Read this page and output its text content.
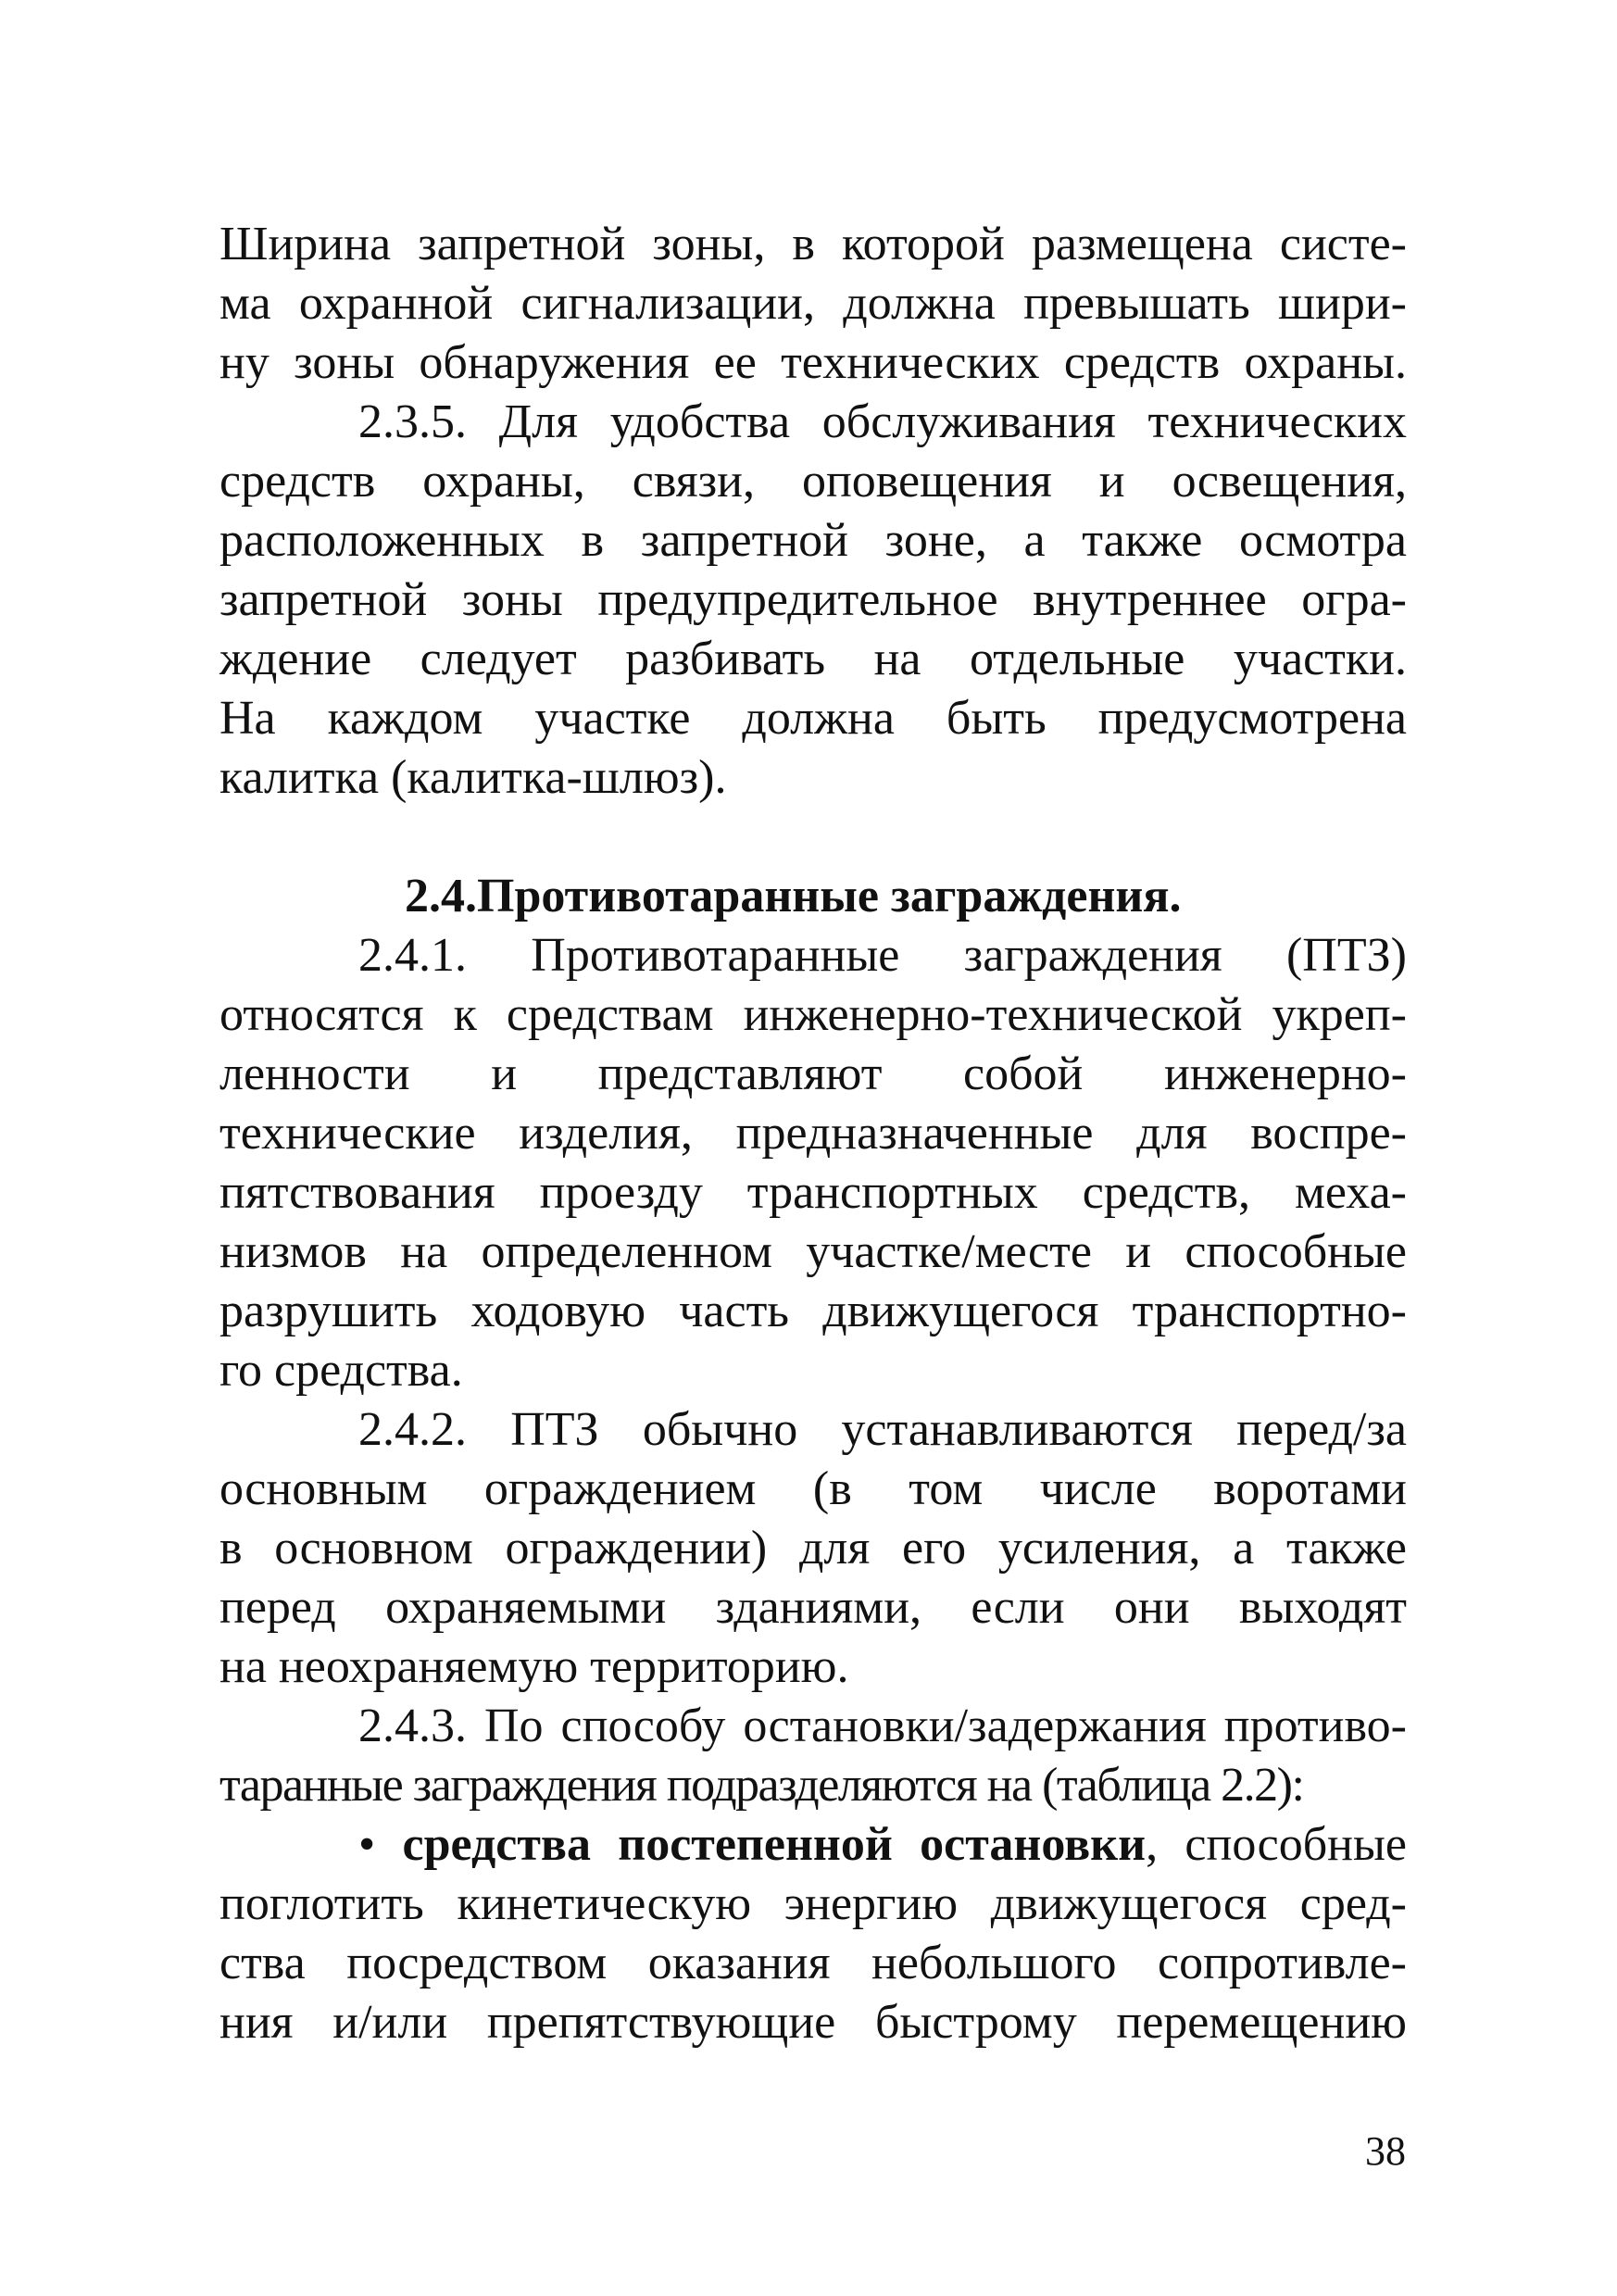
Ширина запретной зоны, в которой размещена систе-
ма охранной сигнализации, должна превышать шири-
ну зоны обнаружения ее технических средств охраны.
2.3.5. Для удобства обслуживания технических
средств охраны, связи, оповещения и освещения,
расположенных в запретной зоне, а также осмотра
запретной зоны предупредительное внутреннее огра-
ждение следует разбивать на отдельные участки.
На каждом участке должна быть предусмотрена
калитка (калитка-шлюз).
2.4.Противотаранные заграждения.
2.4.1. Противотаранные заграждения (ПТЗ)
относятся к средствам инженерно-технической укреп-
ленности и представляют собой инженерно-
технические изделия, предназначенные для воспре-
пятствования проезду транспортных средств, меха-
низмов на определенном участке/месте и способные
разрушить ходовую часть движущегося транспортно-
го средства.
2.4.2. ПТЗ обычно устанавливаются перед/за
основным ограждением (в том числе воротами
в основном ограждении) для его усиления, а также
перед охраняемыми зданиями, если они выходят
на неохраняемую территорию.
2.4.3. По способу остановки/задержания противо-
таранные заграждения подразделяются на (таблица 2.2):
• средства постепенной остановки, способные
поглотить кинетическую энергию движущегося сред-
ства посредством оказания небольшого сопротивле-
ния и/или препятствующие быстрому перемещению
38
